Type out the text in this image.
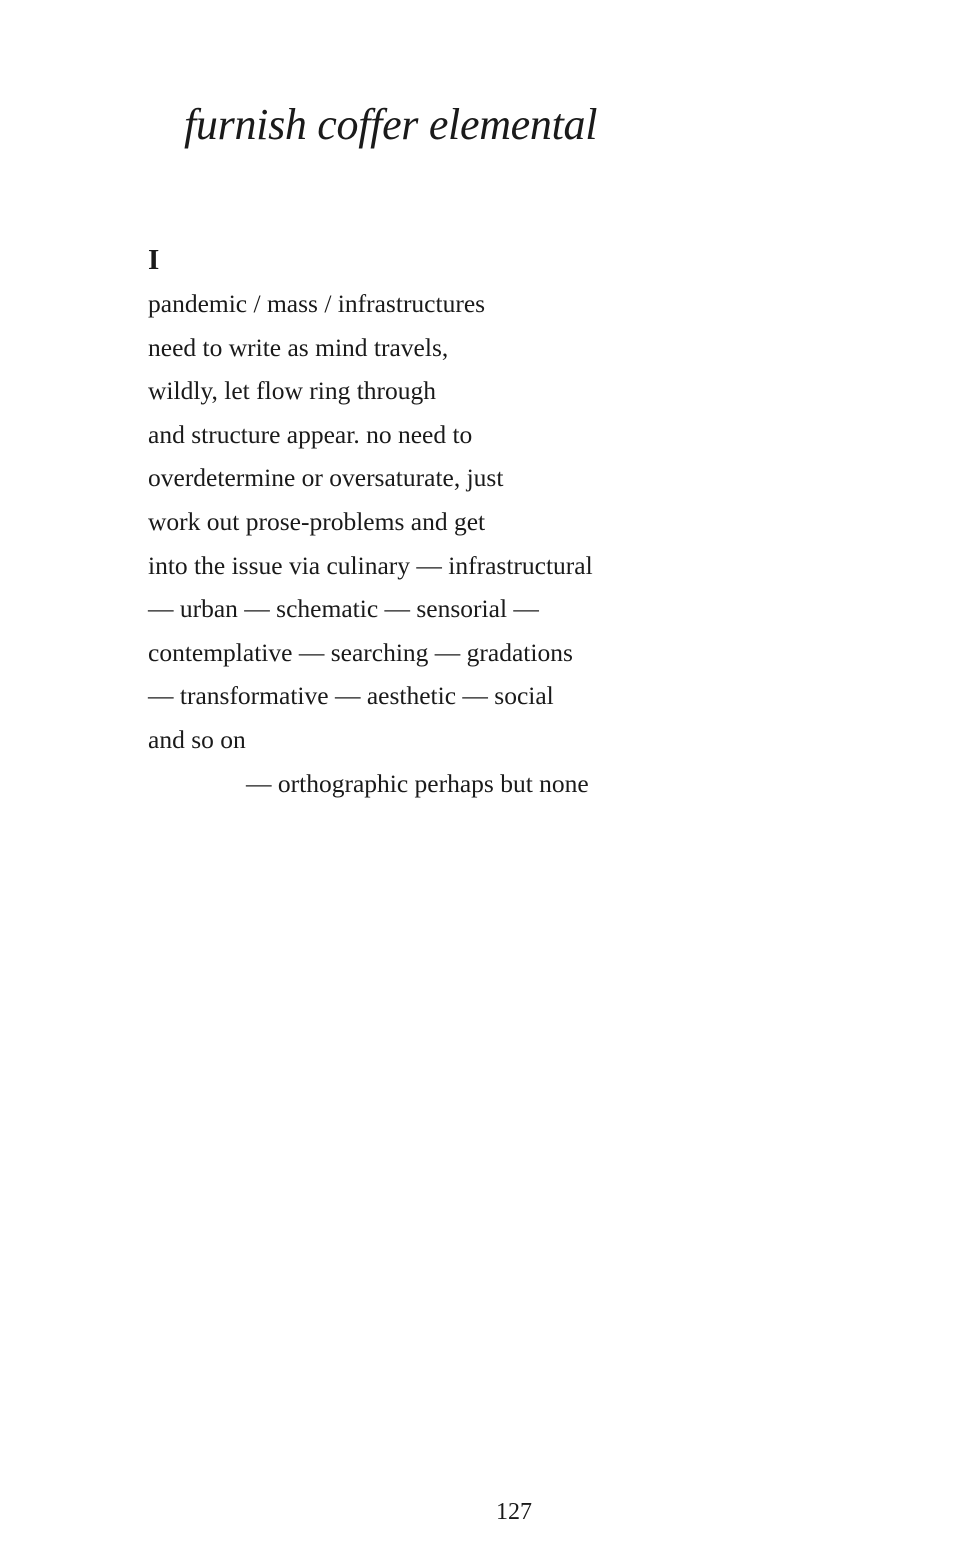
furnish coffer elemental
I
pandemic / mass / infrastructures
need to write as mind travels,
wildly, let flow ring through
and structure appear. no need to
overdetermine or oversaturate, just
work out prose-problems and get
into the issue via culinary — infrastructural
— urban — schematic — sensorial —
contemplative — searching — gradations
— transformative — aesthetic — social
and so on
— orthographic perhaps but none
127
